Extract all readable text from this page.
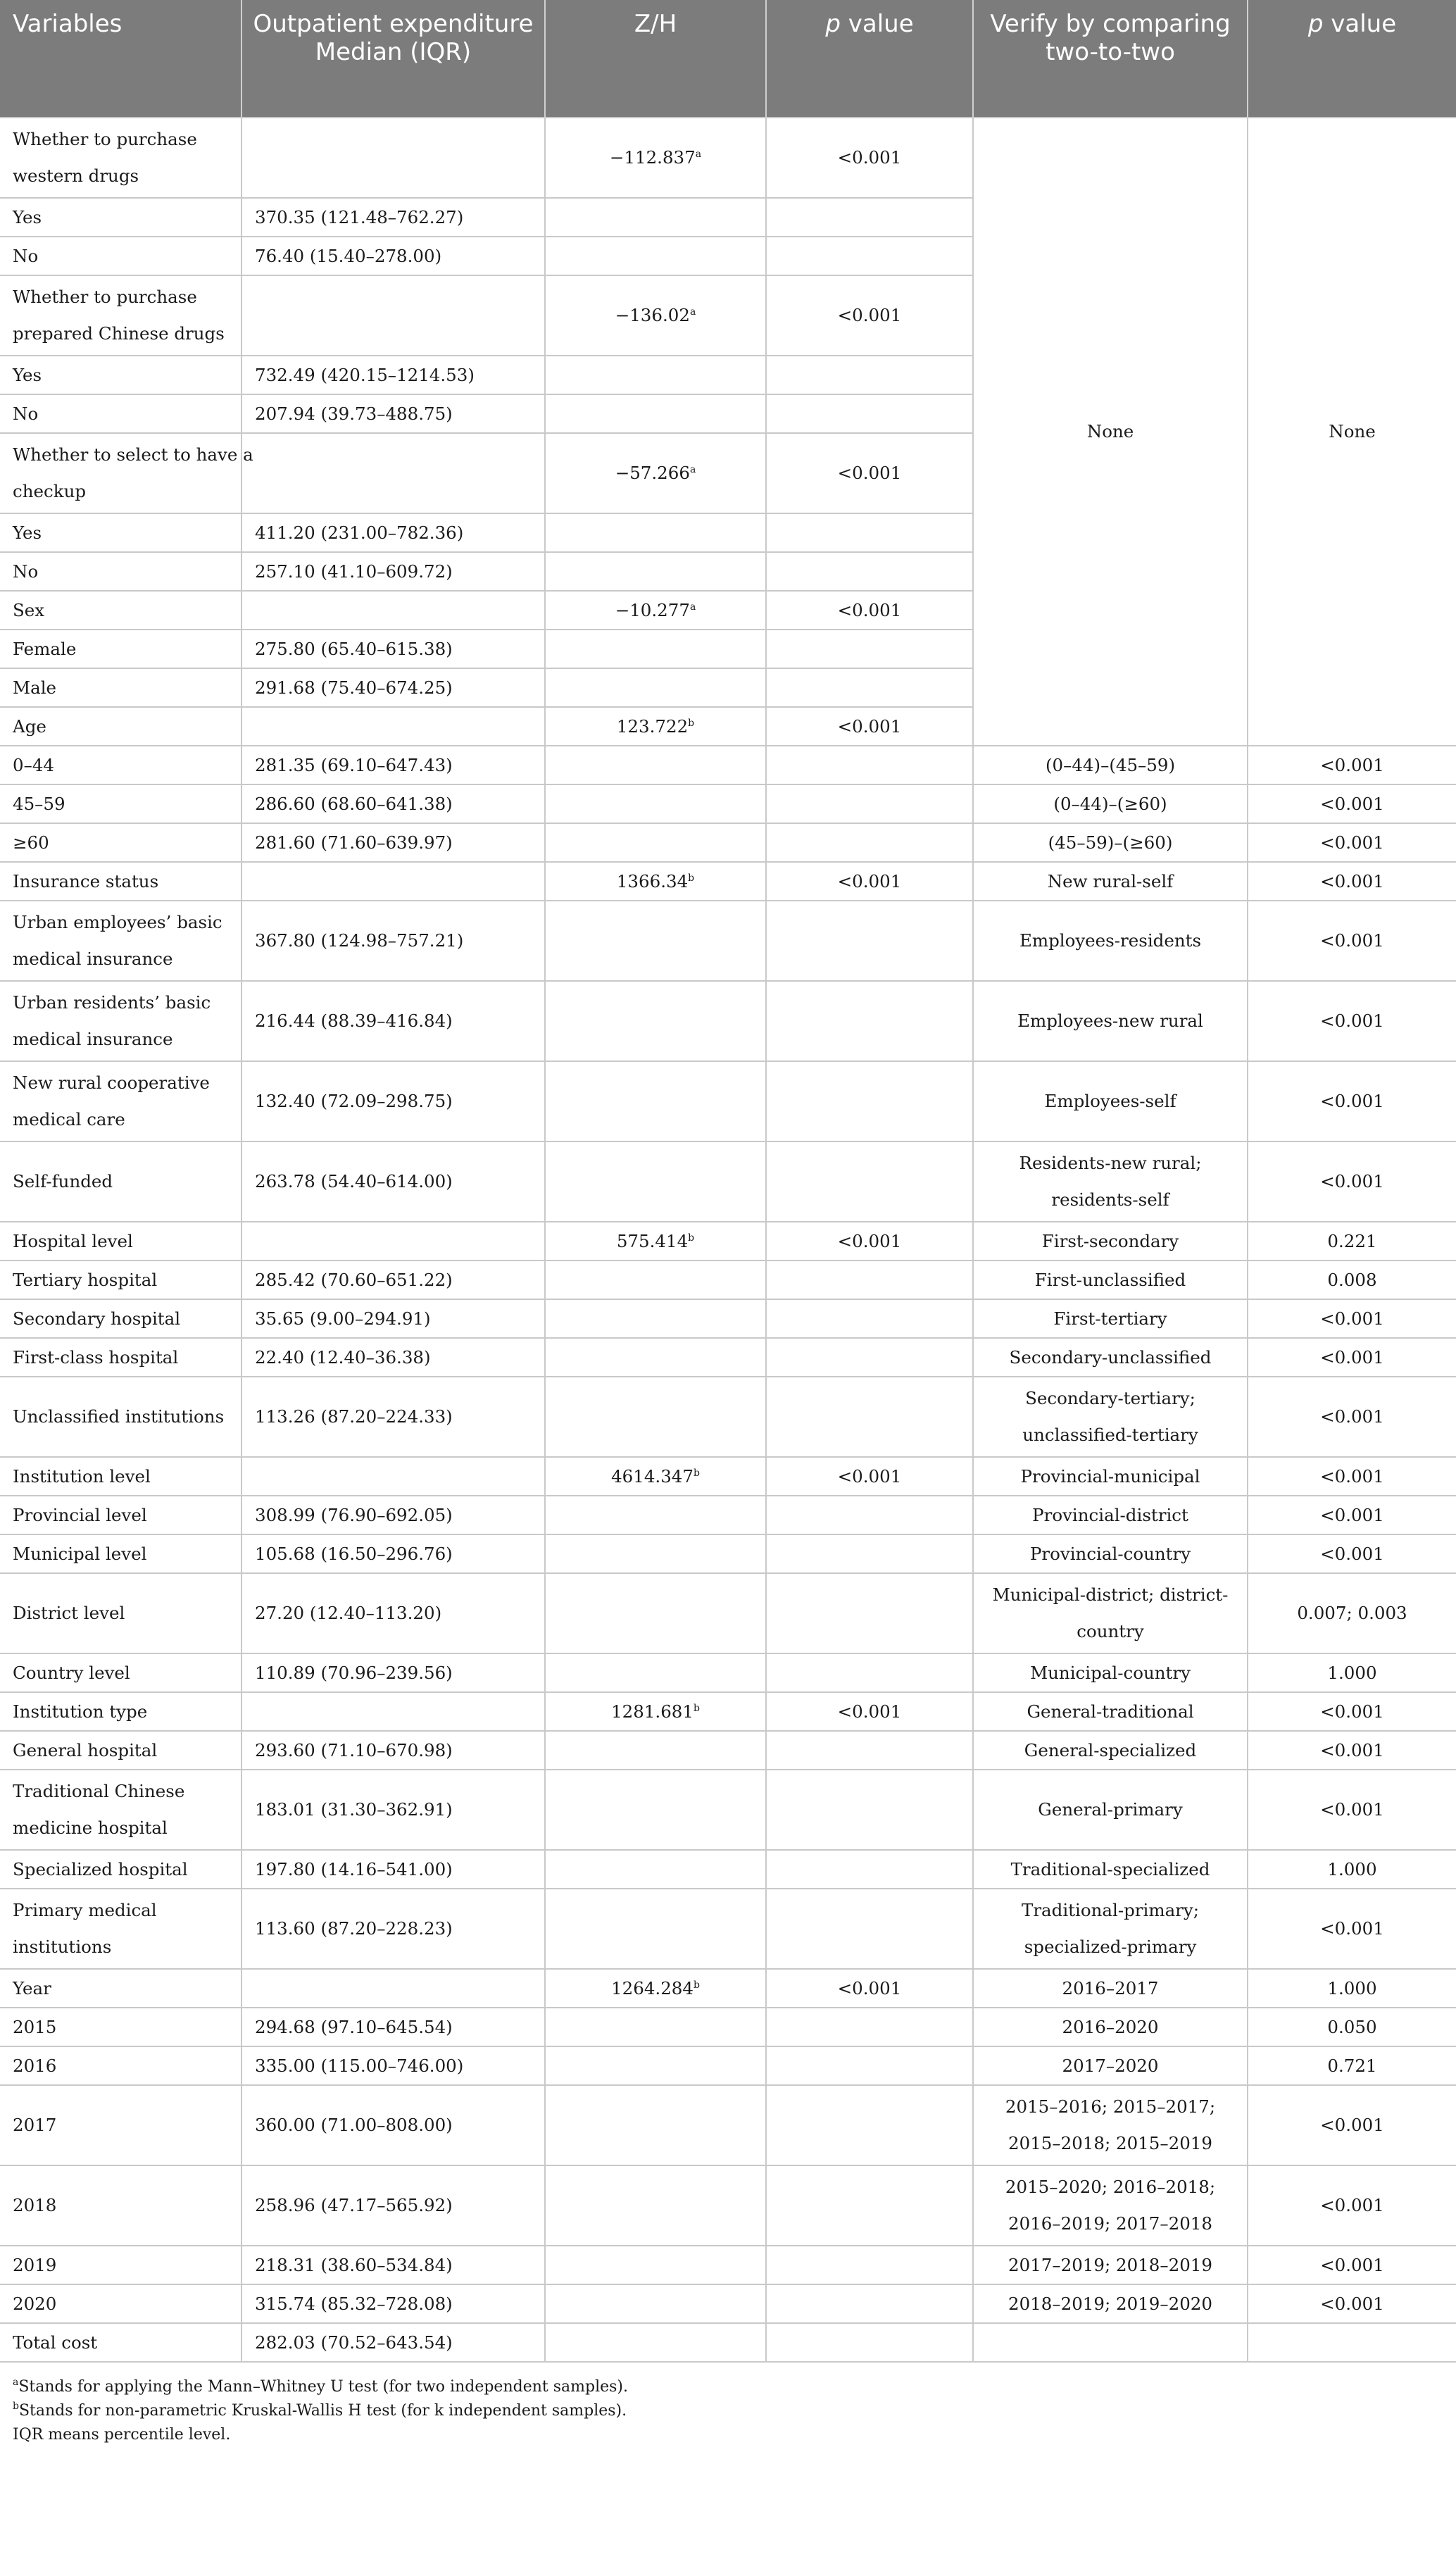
Variables	Outpatient expenditure Median (IQR)	Z/H	p value	Verify by comparing two-to-two	p value
Whether to purchase
western drugs		−112.837$^a$	<0.001	None	None
Yes	370.35 (121.48–762.27)				
No	76.40 (15.40–278.00)				
Whether to purchase
prepared Chinese drugs		−136.02$^a$	<0.001		
Yes	732.49 (420.15–1214.53)				
No	207.94 (39.73–488.75)				
Whether to select to have a
checkup		−57.266$^a$	<0.001		
Yes	411.20 (231.00–782.36)				
No	257.10 (41.10–609.72)				
Sex		−10.277$^a$	<0.001		
Female	275.80 (65.40–615.38)				
Male	291.68 (75.40–674.25)				
Age		123.722$^b$	<0.001		
0–44	281.35 (69.10–647.43)			(0–44)–(45–59)	<0.001
45–59	286.60 (68.60–641.38)			(0–44)–(≥60)	<0.001
≥60	281.60 (71.60–639.97)			(45–59)–(≥60)	<0.001
Insurance status		1366.34$^b$	<0.001	New rural-self	<0.001
Urban employees’ basic
medical insurance	367.80 (124.98–757.21)			Employees-residents	<0.001
Urban residents’ basic
medical insurance	216.44 (88.39–416.84)			Employees-new rural	<0.001
New rural cooperative
medical care	132.40 (72.09–298.75)			Employees-self	<0.001
Self-funded	263.78 (54.40–614.00)			Residents-new rural;
residents-self	<0.001
Hospital level		575.414$^b$	<0.001	First-secondary	0.221
Tertiary hospital	285.42 (70.60–651.22)			First-unclassified	0.008
Secondary hospital	35.65 (9.00–294.91)			First-tertiary	<0.001
First-class hospital	22.40 (12.40–36.38)			Secondary-unclassified	<0.001
Unclassified institutions	113.26 (87.20–224.33)			Secondary-tertiary;
unclassified-tertiary	<0.001
Institution level		4614.347$^b$	<0.001	Provincial-municipal	<0.001
Provincial level	308.99 (76.90–692.05)			Provincial-district	<0.001
Municipal level	105.68 (16.50–296.76)			Provincial-country	<0.001
District level	27.20 (12.40–113.20)			Municipal-district; district-
country	0.007; 0.003
Country level	110.89 (70.96–239.56)			Municipal-country	1.000
Institution type		1281.681$^b$	<0.001	General-traditional	<0.001
General hospital	293.60 (71.10–670.98)			General-specialized	<0.001
Traditional Chinese
medicine hospital	183.01 (31.30–362.91)			General-primary	<0.001
Specialized hospital	197.80 (14.16–541.00)			Traditional-specialized	1.000
Primary medical
institutions	113.60 (87.20–228.23)			Traditional-primary;
specialized-primary	<0.001
Year		1264.284$^b$	<0.001	2016–2017	1.000
2015	294.68 (97.10–645.54)			2016–2020	0.050
2016	335.00 (115.00–746.00)			2017–2020	0.721
2017	360.00 (71.00–808.00)			2015–2016; 2015–2017;
2015–2018; 2015–2019	<0.001
2018	258.96 (47.17–565.92)			2015–2020; 2016–2018;
2016–2019; 2017–2018	<0.001
2019	218.31 (38.60–534.84)			2017–2019; 2018–2019	<0.001
2020	315.74 (85.32–728.08)			2018–2019; 2019–2020	<0.001
Total cost	282.03 (70.52–643.54)				
$^a$Stands for applying the Mann–Whitney U test (for two independent samples).
$^b$Stands for non-parametric Kruskal-Wallis H test (for k independent samples).
IQR means percentile level.
